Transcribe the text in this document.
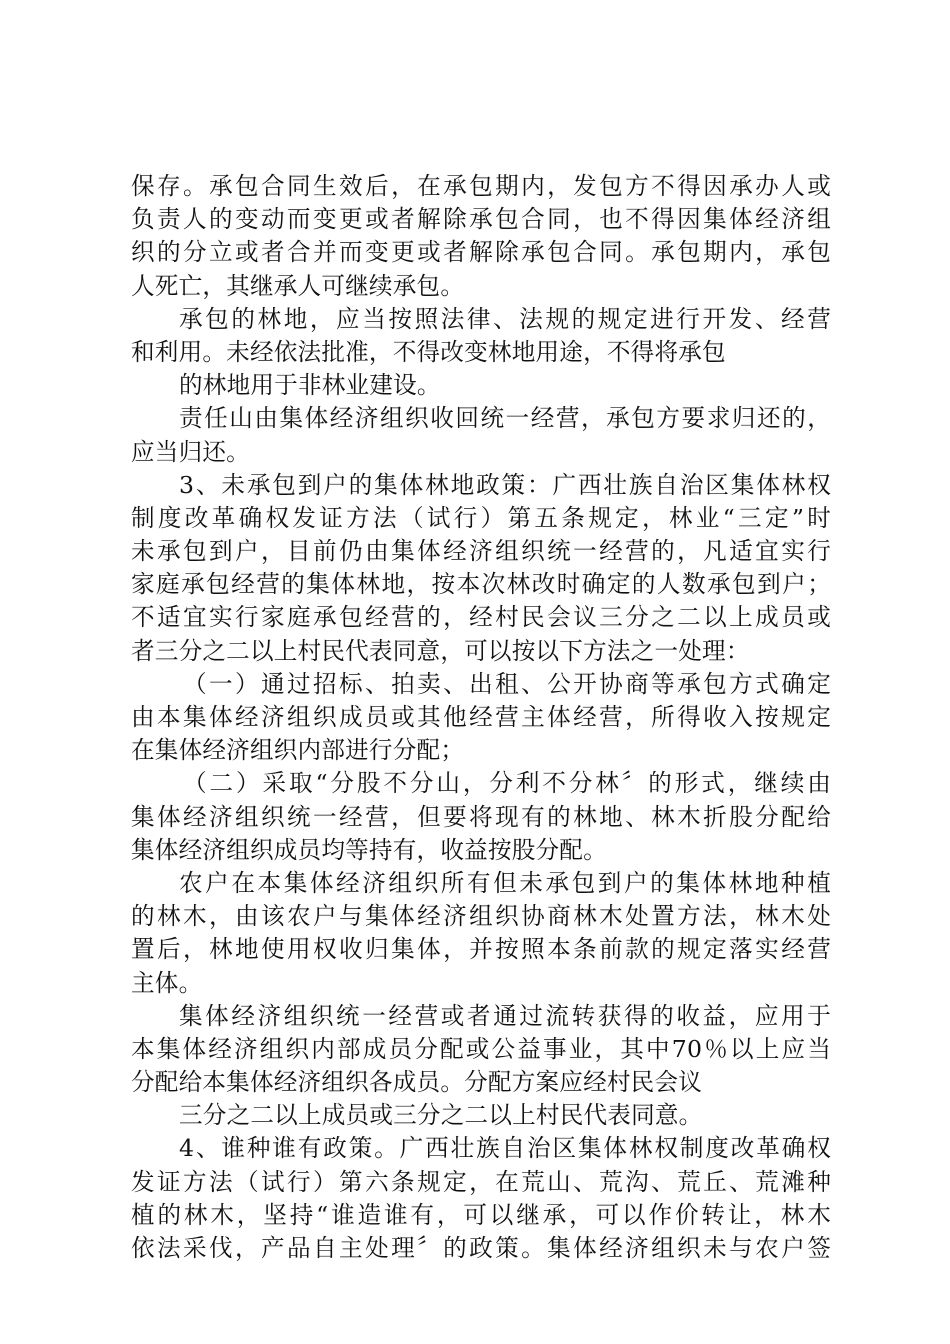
保存。承包合同生效后，在承包期内，发包方不得因承办人或
负责人的变动而变更或者解除承包合同，也不得因集体经济组
织的分立或者合并而变更或者解除承包合同。承包期内，承包
人死亡，其继承人可继续承包。
承包的林地，应当按照法律、法规的规定进行开发、经营
和利用。未经依法批准，不得改变林地用途，不得将承包
的林地用于非林业建设。
责任山由集体经济组织收回统一经营，承包方要求归还的，
应当归还。
3、未承包到户的集体林地政策：广西壮族自治区集体林权
制度改革确权发证方法（试行）第五条规定，林业“三定”时
未承包到户，目前仍由集体经济组织统一经营的，凡适宜实行
家庭承包经营的集体林地，按本次林改时确定的人数承包到户；
不适宜实行家庭承包经营的，经村民会议三分之二以上成员或
者三分之二以上村民代表同意，可以按以下方法之一处理：
（一）通过招标、拍卖、出租、公开协商等承包方式确定
由本集体经济组织成员或其他经营主体经营，所得收入按规定
在集体经济组织内部进行分配；
（二）采取“分股不分山，分利不分林〞的形式，继续由
集体经济组织统一经营，但要将现有的林地、林木折股分配给
集体经济组织成员均等持有，收益按股分配。
农户在本集体经济组织所有但未承包到户的集体林地种植
的林木，由该农户与集体经济组织协商林木处置方法，林木处
置后，林地使用权收归集体，并按照本条前款的规定落实经营
主体。
集体经济组织统一经营或者通过流转获得的收益，应用于
本集体经济组织内部成员分配或公益事业，其中70％以上应当
分配给本集体经济组织各成员。分配方案应经村民会议
三分之二以上成员或三分之二以上村民代表同意。
4、谁种谁有政策。广西壮族自治区集体林权制度改革确权
发证方法（试行）第六条规定，在荒山、荒沟、荒丘、荒滩种
植的林木，坚持“谁造谁有，可以继承，可以作价转让，林木
依法采伐，产品自主处理〞的政策。集体经济组织未与农户签
